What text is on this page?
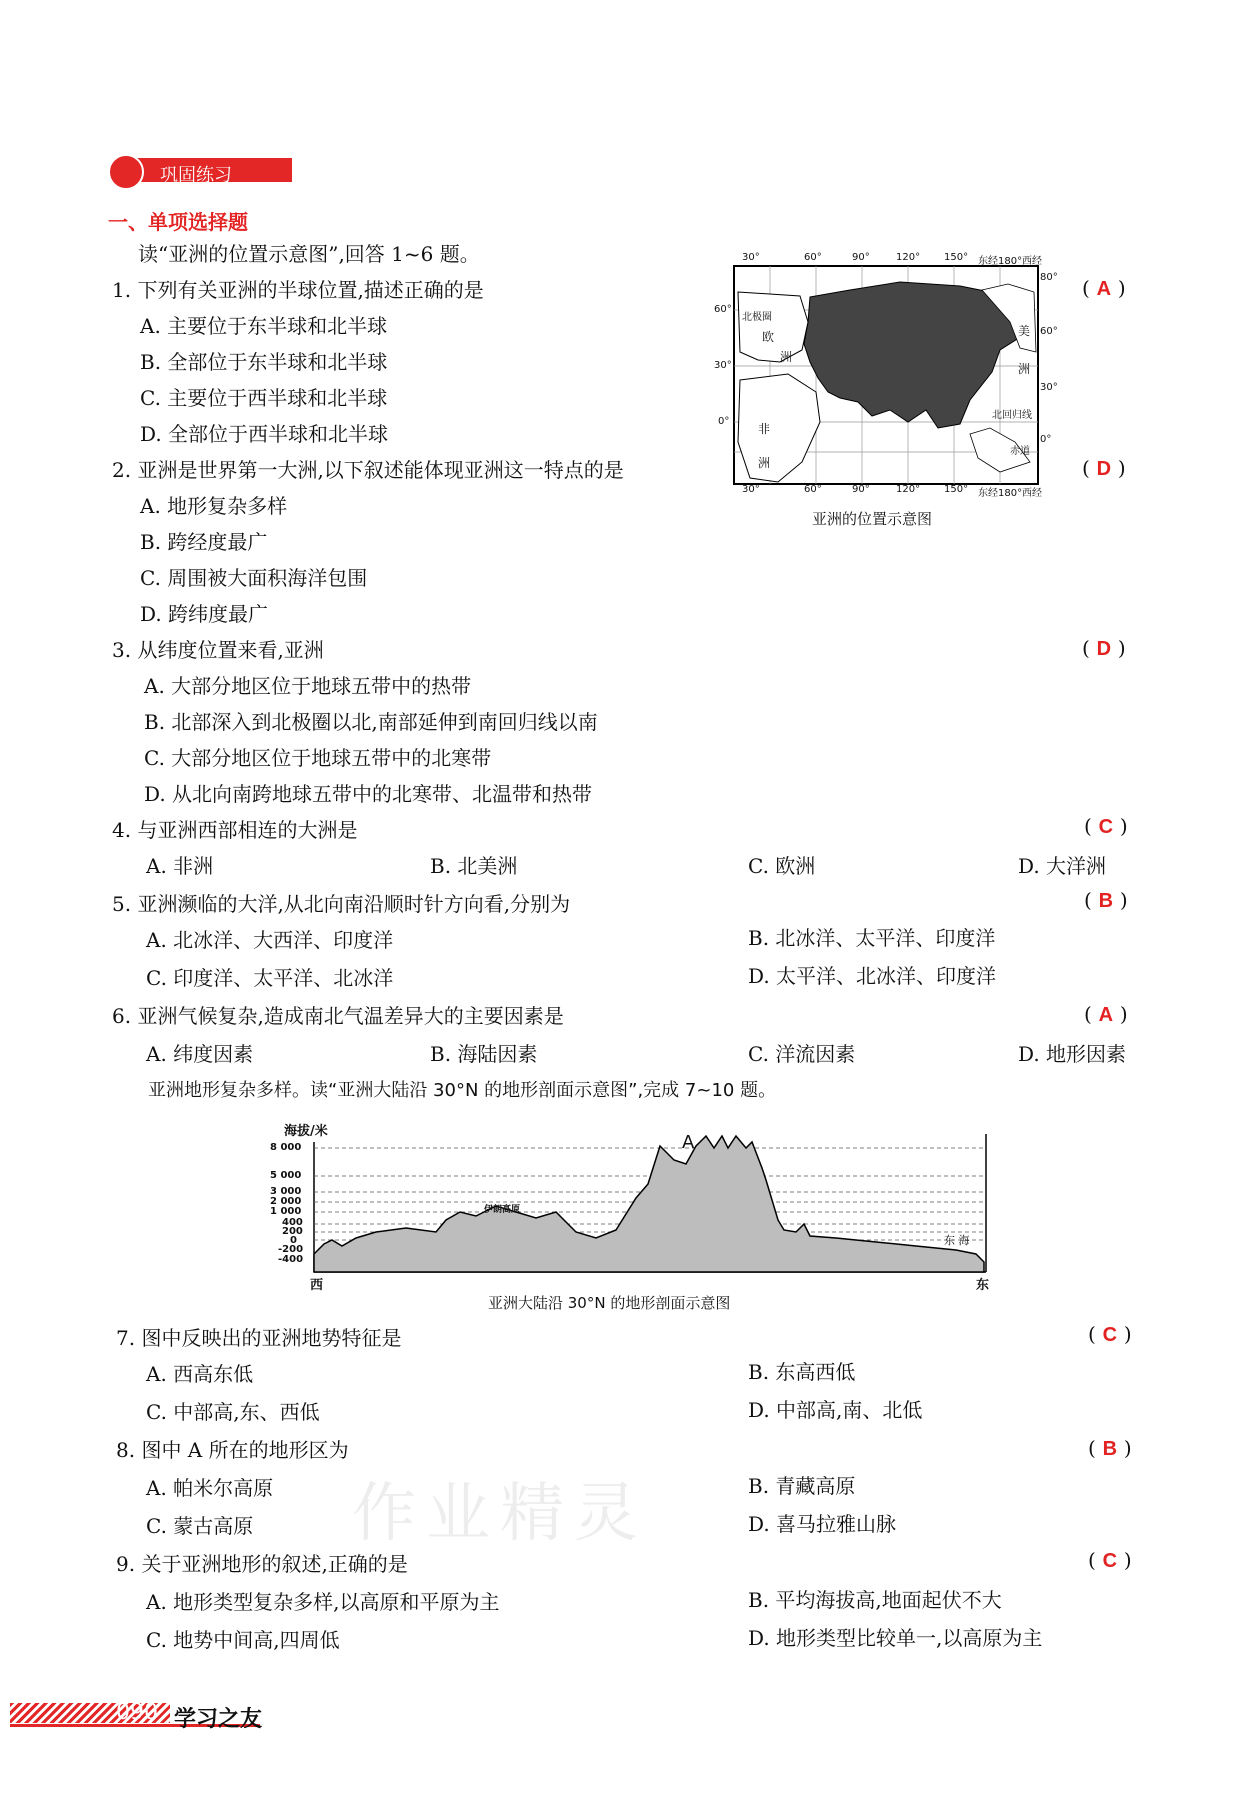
巩固练习
一、单项选择题
读“亚洲的位置示意图”,回答 1~6 题。
1. 下列有关亚洲的半球位置,描述正确的是	( A )
A. 主要位于东半球和北半球
B. 全部位于东半球和北半球
C. 主要位于西半球和北半球
D. 全部位于西半球和北半球
2. 亚洲是世界第一大洲,以下叙述能体现亚洲这一特点的是	( D )
A. 地形复杂多样
B. 跨经度最广
C. 周围被大面积海洋包围
D. 跨纬度最广
30°	60°	90°	120° 150° 东经180° 西经
30°	60°	90°	120° 150° 东经180° 西经
60°
30°
0°
80°
60°
30°
0°
北极圈
北回归线
赤道
欧
洲
非
洲
美
洲
亚洲的位置示意图
3. 从纬度位置来看,亚洲	( D )
A. 大部分地区位于地球五带中的热带
B. 北部深入到北极圈以北,南部延伸到南回归线以南
C. 大部分地区位于地球五带中的北寒带
D. 从北向南跨地球五带中的北寒带、北温带和热带
4. 与亚洲西部相连的大洲是	( C )
A. 非洲	B. 北美洲	C. 欧洲	D. 大洋洲
5. 亚洲濒临的大洋,从北向南沿顺时针方向看,分别为	( B )
A. 北冰洋、大西洋、印度洋	B. 北冰洋、太平洋、印度洋
C. 印度洋、太平洋、北冰洋	D. 太平洋、北冰洋、印度洋
6. 亚洲气候复杂,造成南北气温差异大的主要因素是	( A )
A. 纬度因素	B. 海陆因素	C. 洋流因素	D. 地形因素
亚洲地形复杂多样。读“亚洲大陆沿 30°N 的地形剖面示意图”,完成 7~10 题。
海拔/米
8 000
5 000
3 000
2 000
1 000
400
200
0
-200
-400
西	东
A
伊朗高原
东 海
亚洲大陆沿 30°N 的地形剖面示意图
7. 图中反映出的亚洲地势特征是	( C )
A. 西高东低	B. 东高西低
C. 中部高,东、西低	D. 中部高,南、北低
8. 图中 A 所在的地形区为	( B )
A. 帕米尔高原	B. 青藏高原
C. 蒙古高原	D. 喜马拉雅山脉
9. 关于亚洲地形的叙述,正确的是	( C )
A. 地形类型复杂多样,以高原和平原为主	B. 平均海拔高,地面起伏不大
C. 地势中间高,四周低	D. 地形类型比较单一,以高原为主
作业精灵
090 学习之友
